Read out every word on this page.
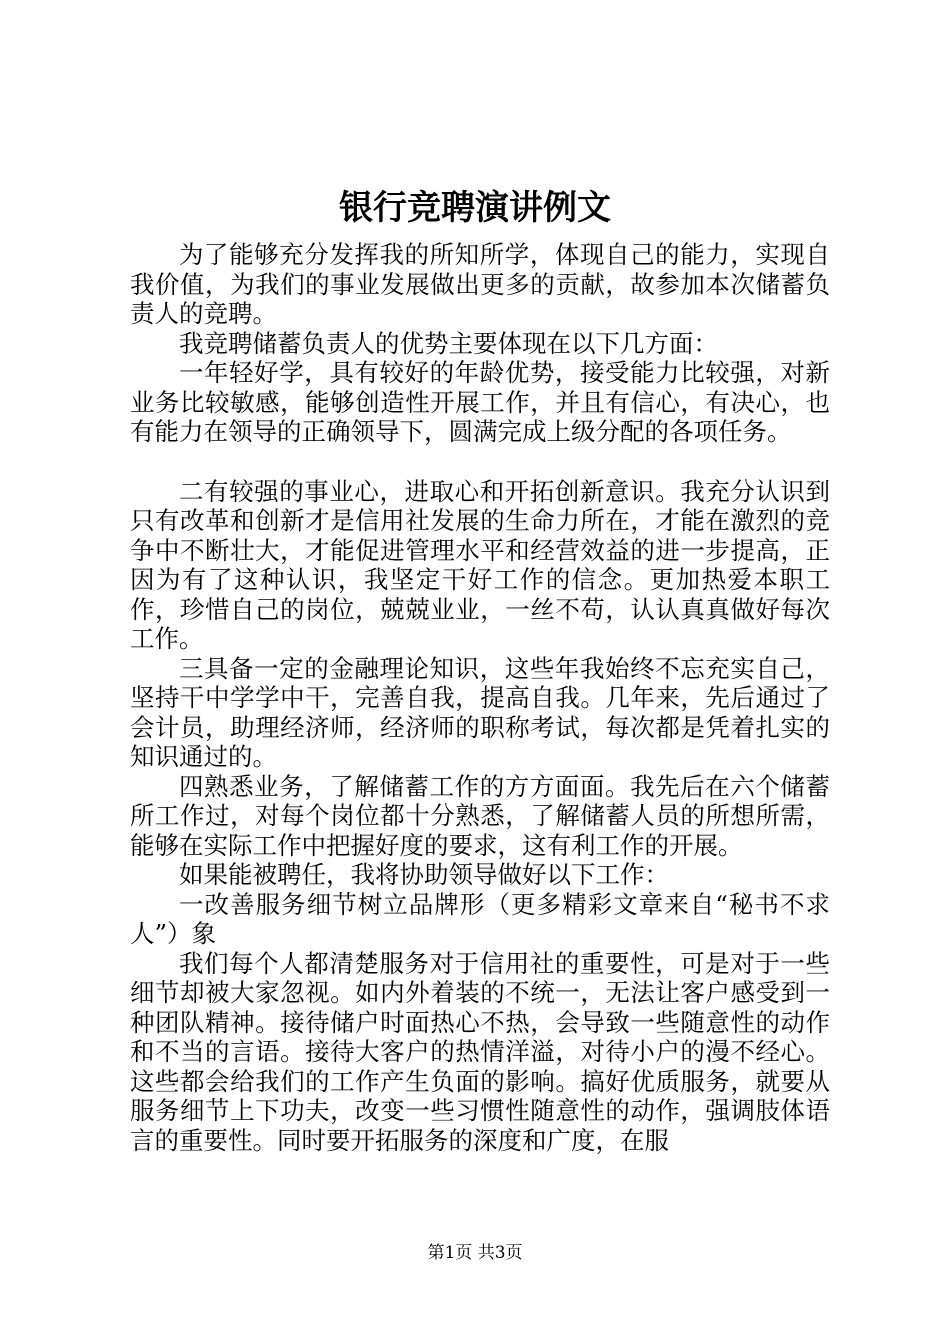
银行竞聘演讲例文

为了能够充分发挥我的所知所学，体现自己的能力，实现自我价值，为我们的事业发展做出更多的贡献，故参加本次储蓄负责人的竞聘。

我竞聘储蓄负责人的优势主要体现在以下几方面：

一年轻好学，具有较好的年龄优势，接受能力比较强，对新业务比较敏感，能够创造性开展工作，并且有信心，有决心，也有能力在领导的正确领导下，圆满完成上级分配的各项任务。

二有较强的事业心，进取心和开拓创新意识。我充分认识到只有改革和创新才是信用社发展的生命力所在，才能在激烈的竞争中不断壮大，才能促进管理水平和经营效益的进一步提高，正因为有了这种认识，我坚定干好工作的信念。更加热爱本职工作，珍惜自己的岗位，兢兢业业，一丝不苟，认认真真做好每次工作。

三具备一定的金融理论知识，这些年我始终不忘充实自己，坚持干中学学中干，完善自我，提高自我。几年来，先后通过了会计员，助理经济师，经济师的职称考试，每次都是凭着扎实的知识通过的。

四熟悉业务，了解储蓄工作的方方面面。我先后在六个储蓄所工作过，对每个岗位都十分熟悉，了解储蓄人员的所想所需，能够在实际工作中把握好度的要求，这有利工作的开展。

如果能被聘任，我将协助领导做好以下工作：

一改善服务细节树立品牌形（更多精彩文章来自“秘书不求人”）象

我们每个人都清楚服务对于信用社的重要性，可是对于一些细节却被大家忽视。如内外着装的不统一，无法让客户感受到一种团队精神。接待储户时面热心不热，会导致一些随意性的动作和不当的言语。接待大客户的热情洋溢，对待小户的漫不经心。这些都会给我们的工作产生负面的影响。搞好优质服务，就要从服务细节上下功夫，改变一些习惯性随意性的动作，强调肢体语言的重要性。同时要开拓服务的深度和广度，在服

第1页 共3页
